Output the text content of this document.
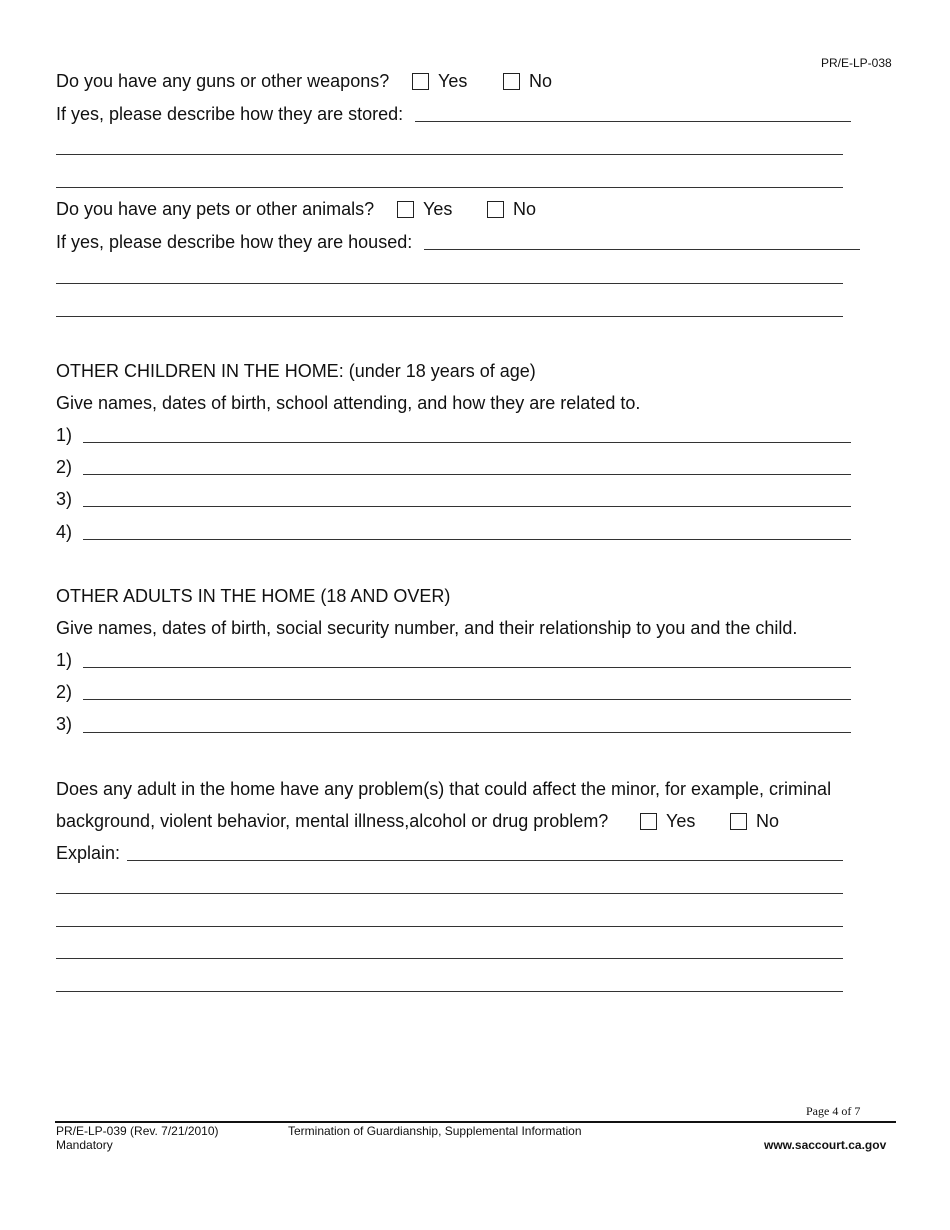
PR/E-LP-038
Do you have any guns or other weapons?	Yes	No
If yes, please describe how they are stored:
Do you have any pets or other animals?	Yes	No
If yes, please describe how they are housed:
OTHER CHILDREN IN THE HOME: (under 18 years of age)
Give names, dates of birth, school attending, and how they are related to.
1)
2)
3)
4)
OTHER ADULTS IN THE HOME (18 AND OVER)
Give names, dates of birth, social security number, and their relationship to you and the child.
1)
2)
3)
Does any adult in the home have any problem(s) that could affect the minor, for example, criminal
background, violent behavior, mental illness,alcohol or drug problem?	Yes	No
Explain:
Page 4 of 7
PR/E-LP-039 (Rev. 7/21/2010)
Mandatory
Termination of Guardianship, Supplemental Information
www.saccourt.ca.gov
